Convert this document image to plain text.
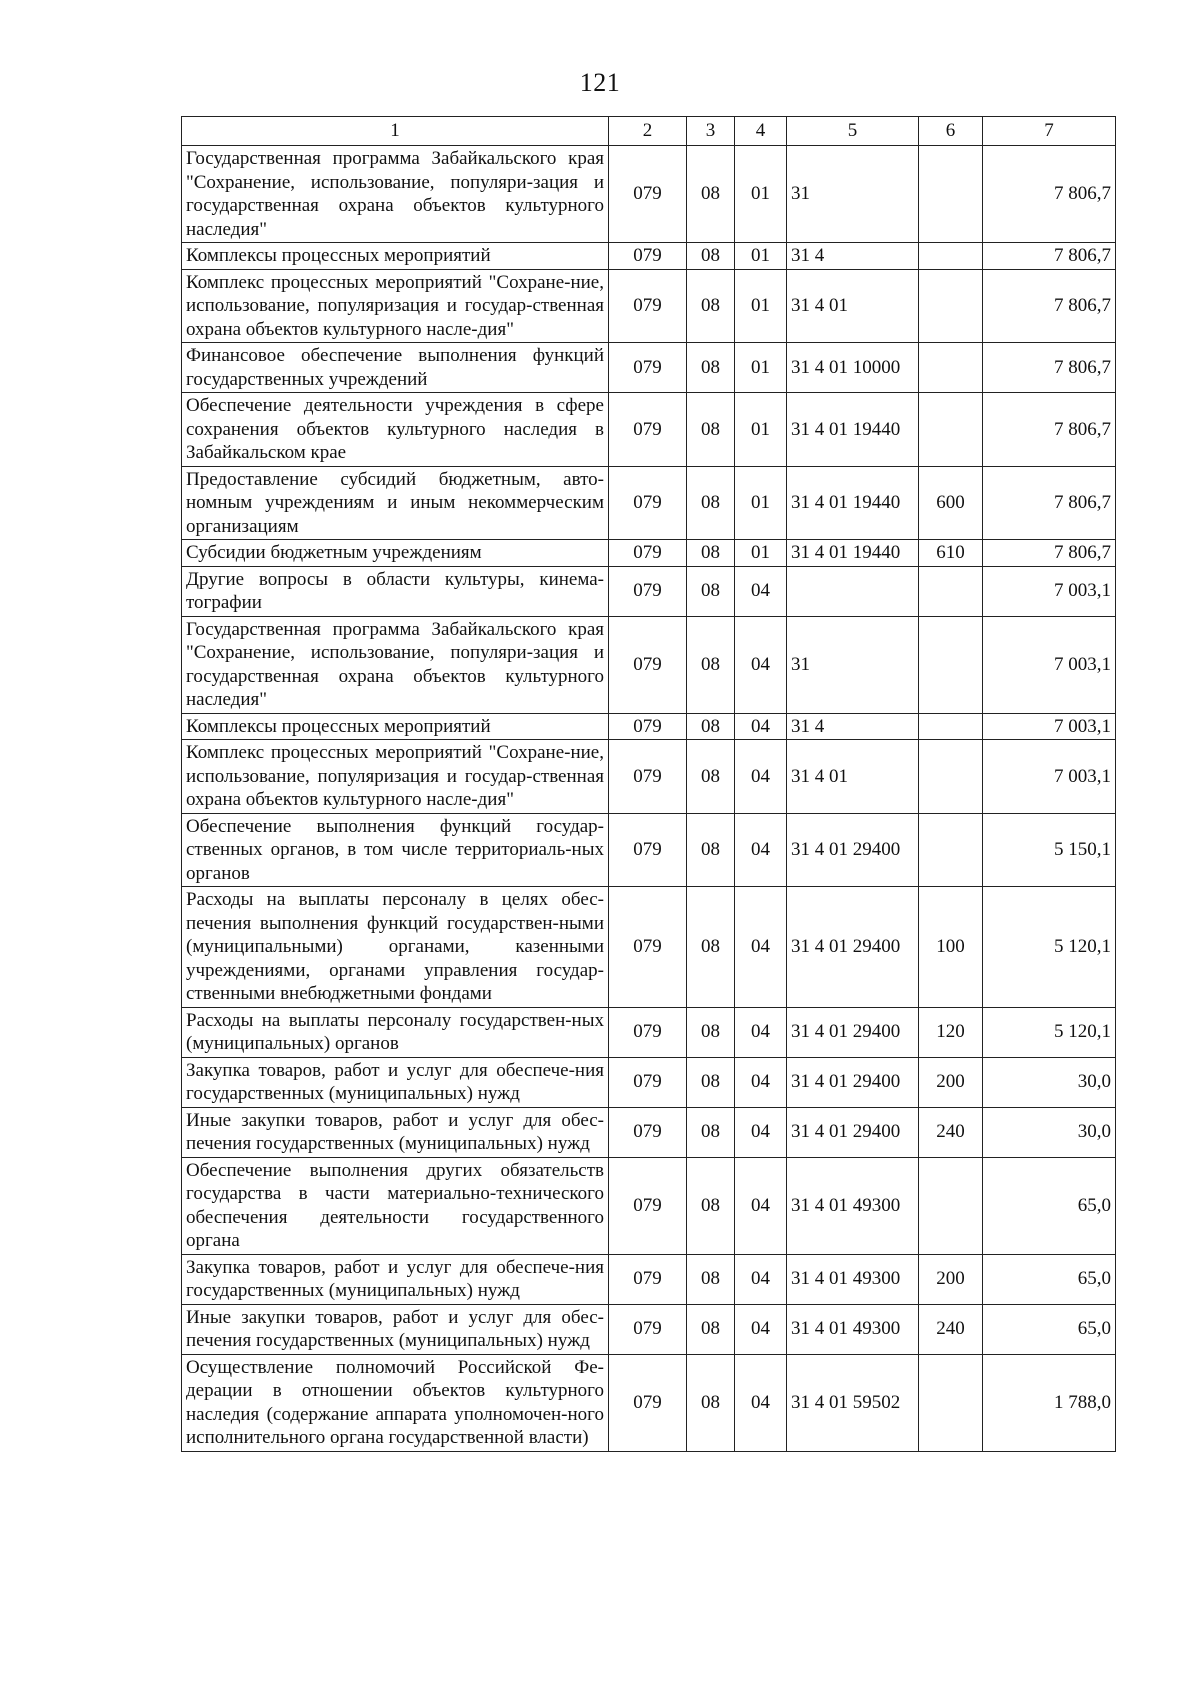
121
1	2	3	4	5	6	7
Государственная программа Забайкальского края "Сохранение, использование, популяри-зация и государственная охрана объектов культурного наследия"	079	08	01	31		7 806,7
Комплексы процессных мероприятий	079	08	01	31 4		7 806,7
Комплекс процессных мероприятий "Сохране-ние, использование, популяризация и государ-ственная охрана объектов культурного насле-дия"	079	08	01	31 4 01		7 806,7
Финансовое обеспечение выполнения функций государственных учреждений	079	08	01	31 4 01 10000		7 806,7
Обеспечение деятельности учреждения в сфере сохранения объектов культурного наследия в Забайкальском крае	079	08	01	31 4 01 19440		7 806,7
Предоставление субсидий бюджетным, авто-номным учреждениям и иным некоммерческим организациям	079	08	01	31 4 01 19440	600	7 806,7
Субсидии бюджетным учреждениям	079	08	01	31 4 01 19440	610	7 806,7
Другие вопросы в области культуры, кинема-тографии	079	08	04			7 003,1
Государственная программа Забайкальского края "Сохранение, использование, популяри-зация и государственная охрана объектов культурного наследия"	079	08	04	31		7 003,1
Комплексы процессных мероприятий	079	08	04	31 4		7 003,1
Комплекс процессных мероприятий "Сохране-ние, использование, популяризация и государ-ственная охрана объектов культурного насле-дия"	079	08	04	31 4 01		7 003,1
Обеспечение выполнения функций государ-ственных органов, в том числе территориаль-ных органов	079	08	04	31 4 01 29400		5 150,1
Расходы на выплаты персоналу в целях обес-печения выполнения функций государствен-ными (муниципальными) органами, казенными учреждениями, органами управления государ-ственными внебюджетными фондами	079	08	04	31 4 01 29400	100	5 120,1
Расходы на выплаты персоналу государствен-ных (муниципальных) органов	079	08	04	31 4 01 29400	120	5 120,1
Закупка товаров, работ и услуг для обеспече-ния государственных (муниципальных) нужд	079	08	04	31 4 01 29400	200	30,0
Иные закупки товаров, работ и услуг для обес-печения государственных (муниципальных) нужд	079	08	04	31 4 01 29400	240	30,0
Обеспечение выполнения других обязательств государства в части материально-технического обеспечения деятельности государственного органа	079	08	04	31 4 01 49300		65,0
Закупка товаров, работ и услуг для обеспече-ния государственных (муниципальных) нужд	079	08	04	31 4 01 49300	200	65,0
Иные закупки товаров, работ и услуг для обес-печения государственных (муниципальных) нужд	079	08	04	31 4 01 49300	240	65,0
Осуществление полномочий Российской Фе-дерации в отношении объектов культурного наследия (содержание аппарата уполномочен-ного исполнительного органа государственной власти)	079	08	04	31 4 01 59502		1 788,0
